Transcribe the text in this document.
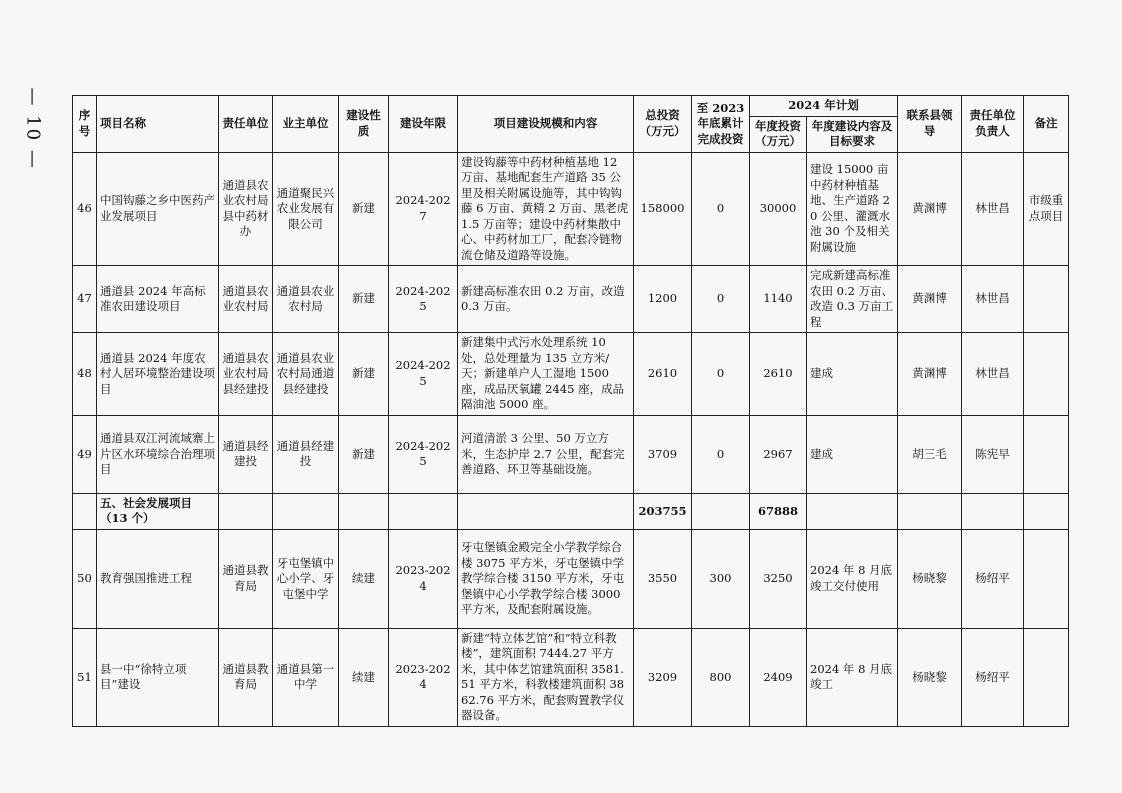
— 10 —	序号	项目名称	责任单位	业主单位	建设性质	建设年限	项目建设规模和内容	总投资（万元）	至 2023 年底累计完成投资	2024 年计划		联系县领导	责任单位负责人	备注
									年度投资（万元）	年度建设内容及目标要求			
46	中国钩藤之乡中医药产业发展项目	通道县农业农村局县中药材办	通道聚民兴农业发展有限公司	新建	2024-2027	建设钩藤等中药材种植基地 12 万亩、基地配套生产道路 35 公里及相关附属设施等，其中钩钩藤 6 万亩、黄精 2 万亩、黑老虎 1.5 万亩等；建设中药材集散中心、中药材加工厂，配套冷链物流仓储及道路等设施。	158000	0	30000	建设 15000 亩中药材种植基地、生产道路 20 公里、灌溉水池 30 个及相关附属设施	黄渊博	林世昌	市级重点项目
47	通道县 2024 年高标准农田建设项目	通道县农业农村局	通道县农业农村局	新建	2024-2025	新建高标准农田 0.2 万亩，改造 0.3 万亩。	1200	0	1140	完成新建高标准农田 0.2 万亩、改造 0.3 万亩工程	黄渊博	林世昌	
48	通道县 2024 年度农村人居环境整治建设项目	通道县农业农村局县经建投	通道县农业农村局通道县经建投	新建	2024-2025	新建集中式污水处理系统 10 处，总处理量为 135 立方米/天；新建单户人工湿地 1500 座，成品厌氧罐 2445 座，成品隔油池 5000 座。	2610	0	2610	建成	黄渊博	林世昌	
49	通道县双江河流域寨上片区水环境综合治理项目	通道县经建投	通道县经建投	新建	2024-2025	河道清淤 3 公里、50 万立方米，生态护岸 2.7 公里，配套完善道路、环卫等基础设施。	3709	0	2967	建成	胡三毛	陈宪早	
	五、社会发展项目
（13 个）						203755		67888				
50	教育强国推进工程	通道县教育局	牙屯堡镇中心小学、牙屯堡中学	续建	2023-2024	牙屯堡镇金殿完全小学教学综合楼 3075 平方米，牙屯堡镇中学教学综合楼 3150 平方米，牙屯堡镇中心小学教学综合楼 3000 平方米，及配套附属设施。	3550	300	3250	2024 年 8 月底竣工交付使用	杨晓黎	杨绍平	
51	县一中“徐特立项目”建设	通道县教育局	通道县第一中学	续建	2023-2024	新建“特立体艺馆”和“特立科教楼”，建筑面积 7444.27 平方米，其中体艺馆建筑面积 3581.51 平方米，科教楼建筑面积 3862.76 平方米，配套购置教学仪器设备。	3209	800	2409	2024 年 8 月底竣工	杨晓黎	杨绍平	
